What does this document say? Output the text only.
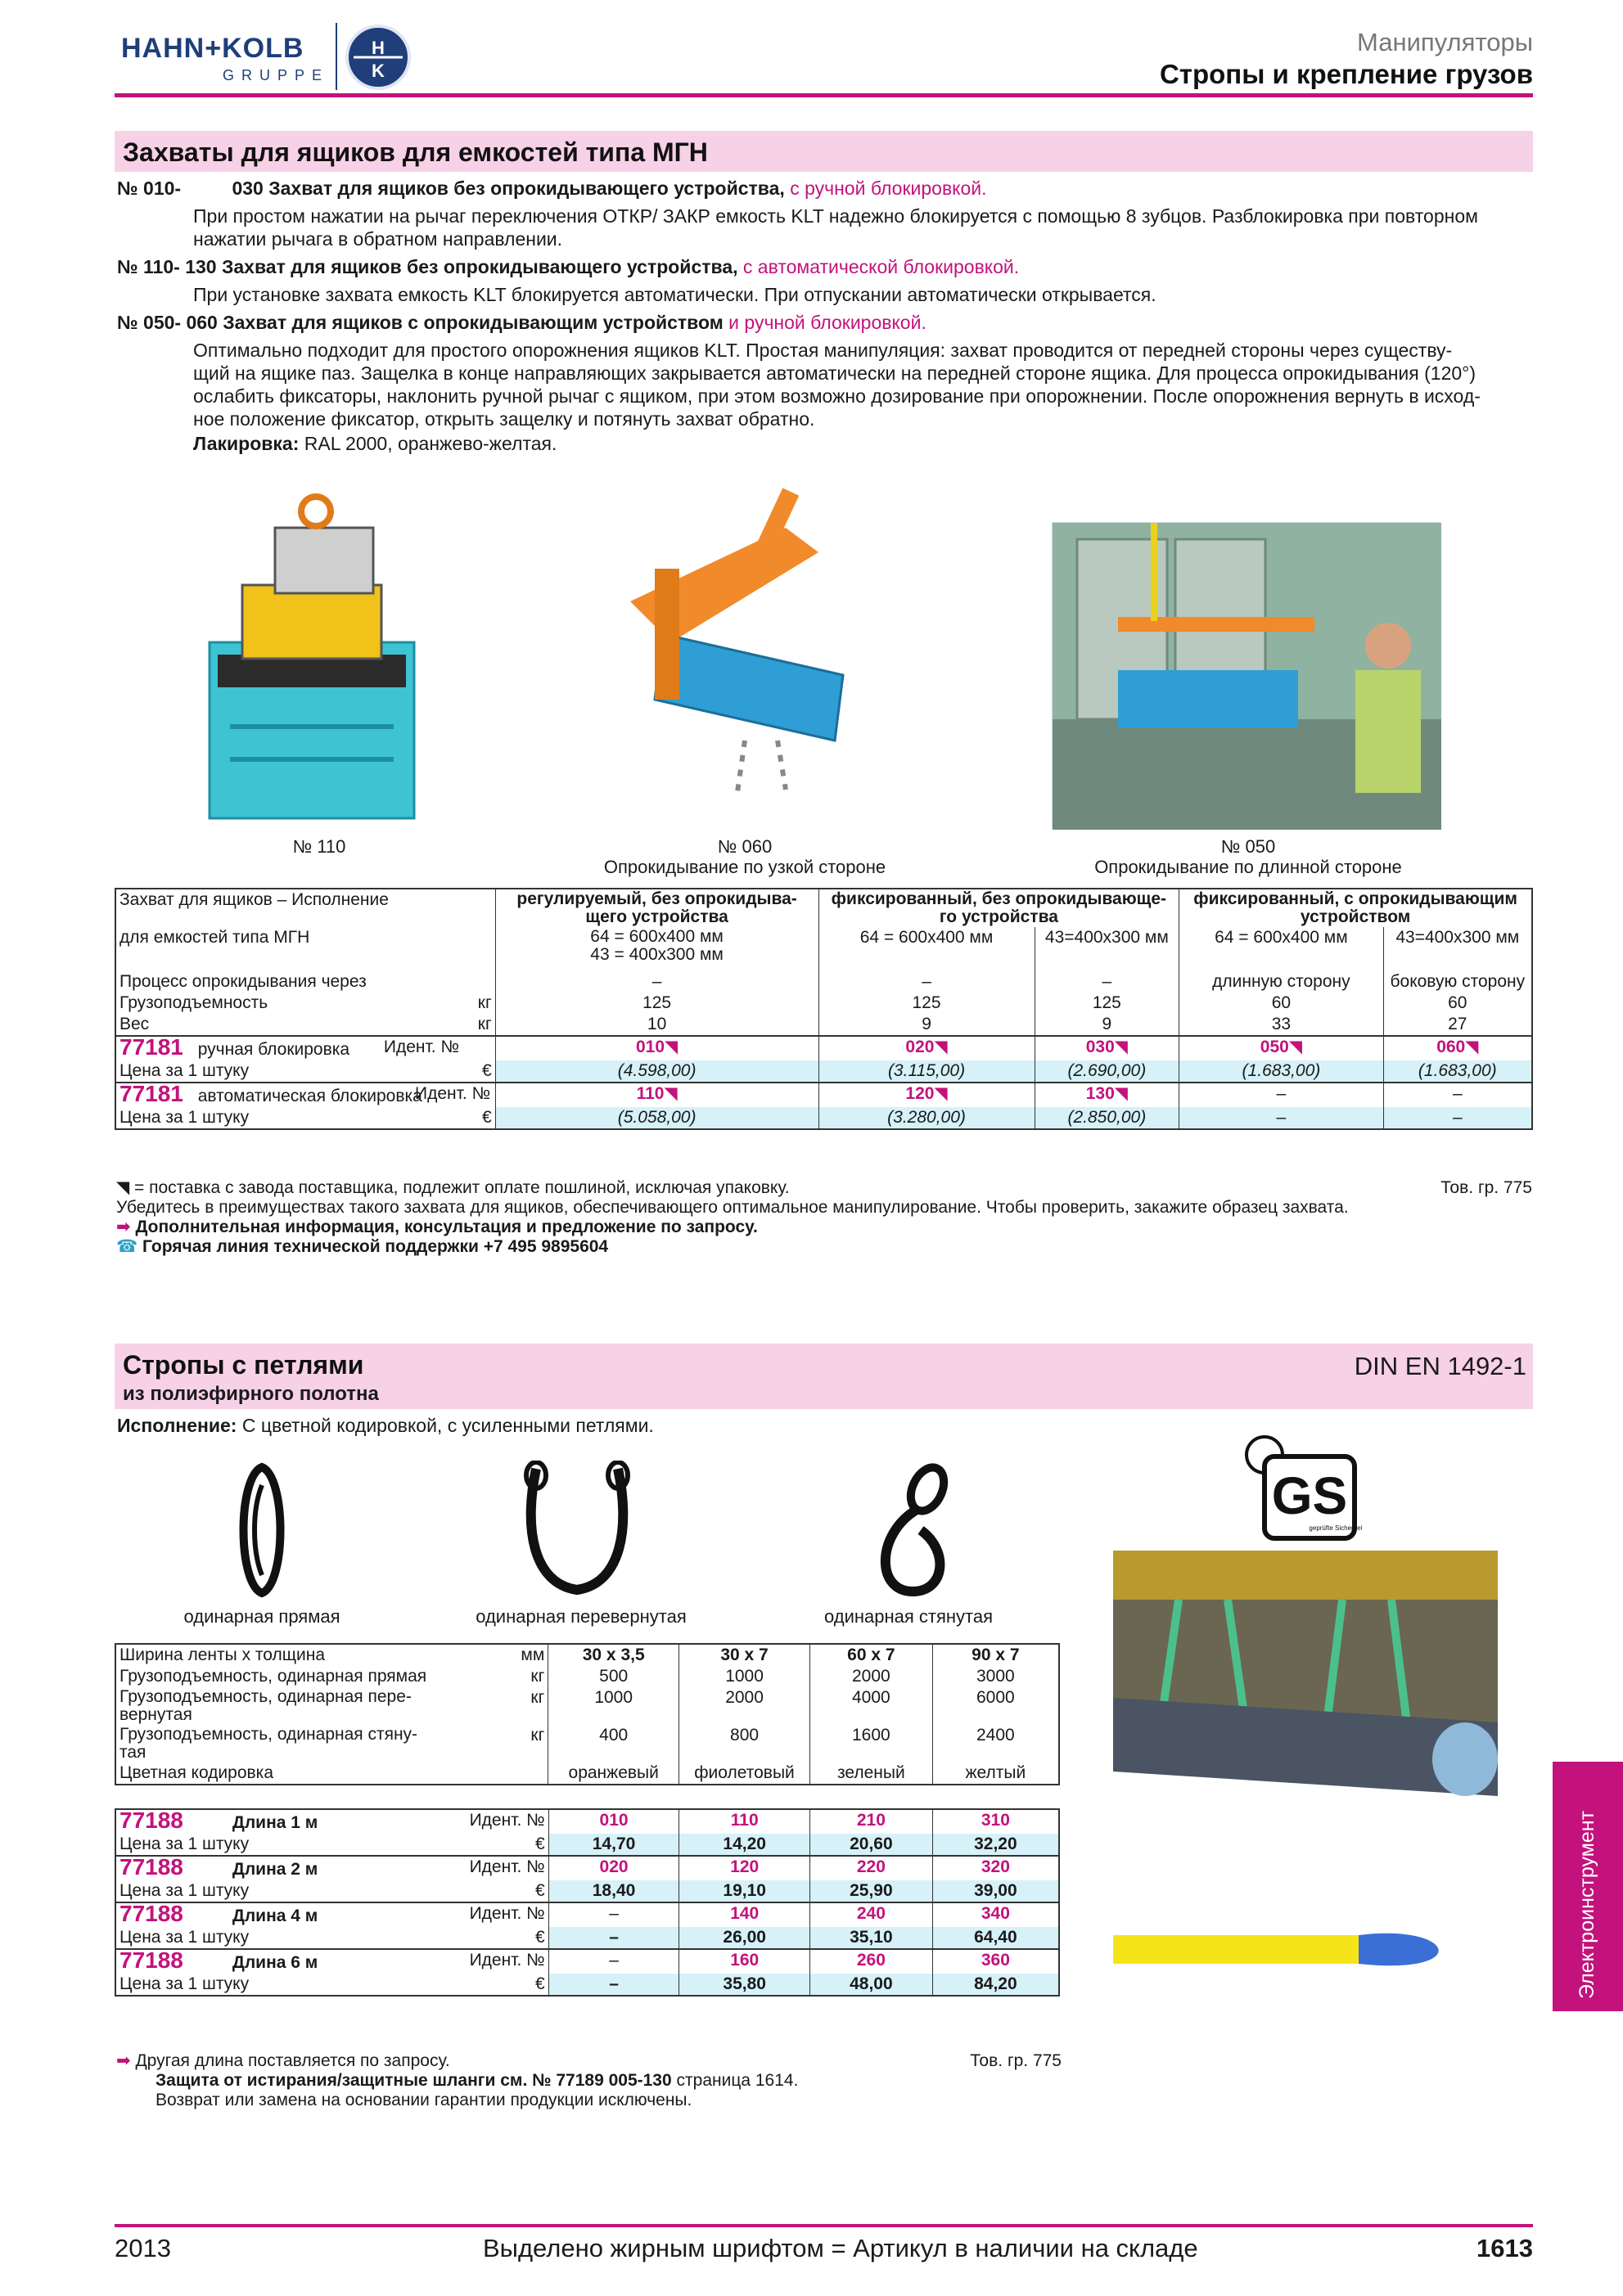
HAHN+KOLB
GRUPPE
H
K
Манипуляторы
Стропы и крепление грузов
Захваты для ящиков для емкостей типа МГН
№ 010-	030 Захват для ящиков без опрокидывающего устройства, с ручной блокировкой.
При простом нажатии на рычаг переключения ОТКР/ ЗАКР емкость KLT надежно блокируется с помощью 8 зубцов. Разблокировка при повторном
нажатии рычага в обратном направлении.
№ 110- 130 Захват для ящиков без опрокидывающего устройства, с автоматической блокировкой.
При установке захвата емкость KLT блокируется автоматически. При отпускании автоматически открывается.
№ 050- 060 Захват для ящиков с опрокидывающим устройством и ручной блокировкой.
Оптимально подходит для простого опорожнения ящиков KLT. Простая манипуляция: захват проводится от передней стороны через существу-
щий на ящике паз. Защелка в конце направляющих закрывается автоматически на передней стороне ящика. Для процесса опрокидывания (120°)
ослабить фиксаторы, наклонить ручной рычаг с ящиком, при этом возможно дозирование при опорожнении. После опорожнения вернуть в исход-
ное положение фиксатор, открыть защелку и потянуть захват обратно.
Лакировка: RAL 2000, оранжево-желтая.
№ 110	№ 060
Опрокидывание по узкой стороне
№ 050
Опрокидывание по длинной стороне
Захват для ящиков – Исполнение		регулируемый, без опрокидыва-
щего устройства	фиксированный, без опрокидывающе-
го устройства		фиксированный, с опрокидывающим
устройством	
для емкостей типа МГН		64 = 600x400 мм
43 = 400x300 мм	64 = 600x400 мм	43=400x300 мм	64 = 600x400 мм	43=400x300 мм
Процесс опрокидывания через		–	–	–	длинную сторону	боковую сторону
Грузоподъемность	кг	125	125	125	60	60
Вес	кг	10	9	9	33	27
77181 ручная блокировка Идент. №		010◥	020◥	030◥	050◥	060◥
Цена за 1 штуку	€	(4.598,00)	(3.115,00)	(2.690,00)	(1.683,00)	(1.683,00)
77181 автоматическая блокировка	Идент. №	110◥	120◥	130◥	–	–
Цена за 1 штуку	€	(5.058,00)	(3.280,00)	(2.850,00)	–	–
◥ = поставка с завода поставщика, подлежит оплате пошлиной, исключая упаковку.	Тов. гр. 775
Убедитесь в преимуществах такого захвата для ящиков, обеспечивающего оптимальное манипулирование. Чтобы проверить, закажите образец захвата.
➡ Дополнительная информация, консультация и предложение по запросу.
☎ Горячая линия технической поддержки +7 495 9895604
Стропы с петлями
из полиэфирного полотна
DIN EN 1492-1
Исполнение: С цветной кодировкой, с усиленными петлями.
одинарная прямая	одинарная перевернутая	одинарная стянутая
GS
geprüfte Sicherheit
Ширина ленты х толщина	мм	30 x 3,5	30 x 7	60 x 7	90 x 7
Грузоподъемность, одинарная прямая	кг	500	1000	2000	3000
Грузоподъемность, одинарная пере-
вернутая	кг	1000	2000	4000	6000
Грузоподъемность, одинарная стяну-
тая	кг	400	800	1600	2400
Цветная кодировка		оранжевый	фиолетовый	зеленый	желтый
77188 Длина 1 м	Идент. №	010	110	210	310
Цена за 1 штуку	€	14,70	14,20	20,60	32,20
77188 Длина 2 м	Идент. №	020	120	220	320
Цена за 1 штуку	€	18,40	19,10	25,90	39,00
77188 Длина 4 м	Идент. №	–	140	240	340
Цена за 1 штуку	€	–	26,00	35,10	64,40
77188 Длина 6 м	Идент. №	–	160	260	360
Цена за 1 штуку	€	–	35,80	48,00	84,20
➡ Другая длина поставляется по запросу.	Тов. гр. 775
Защита от истирания/защитные шланги см. № 77189 005-130 страница 1614.
Возврат или замена на основании гарантии продукции исключены.
Электроинструмент
2013	Выделено жирным шрифтом = Артикул в наличии на складе	1613
